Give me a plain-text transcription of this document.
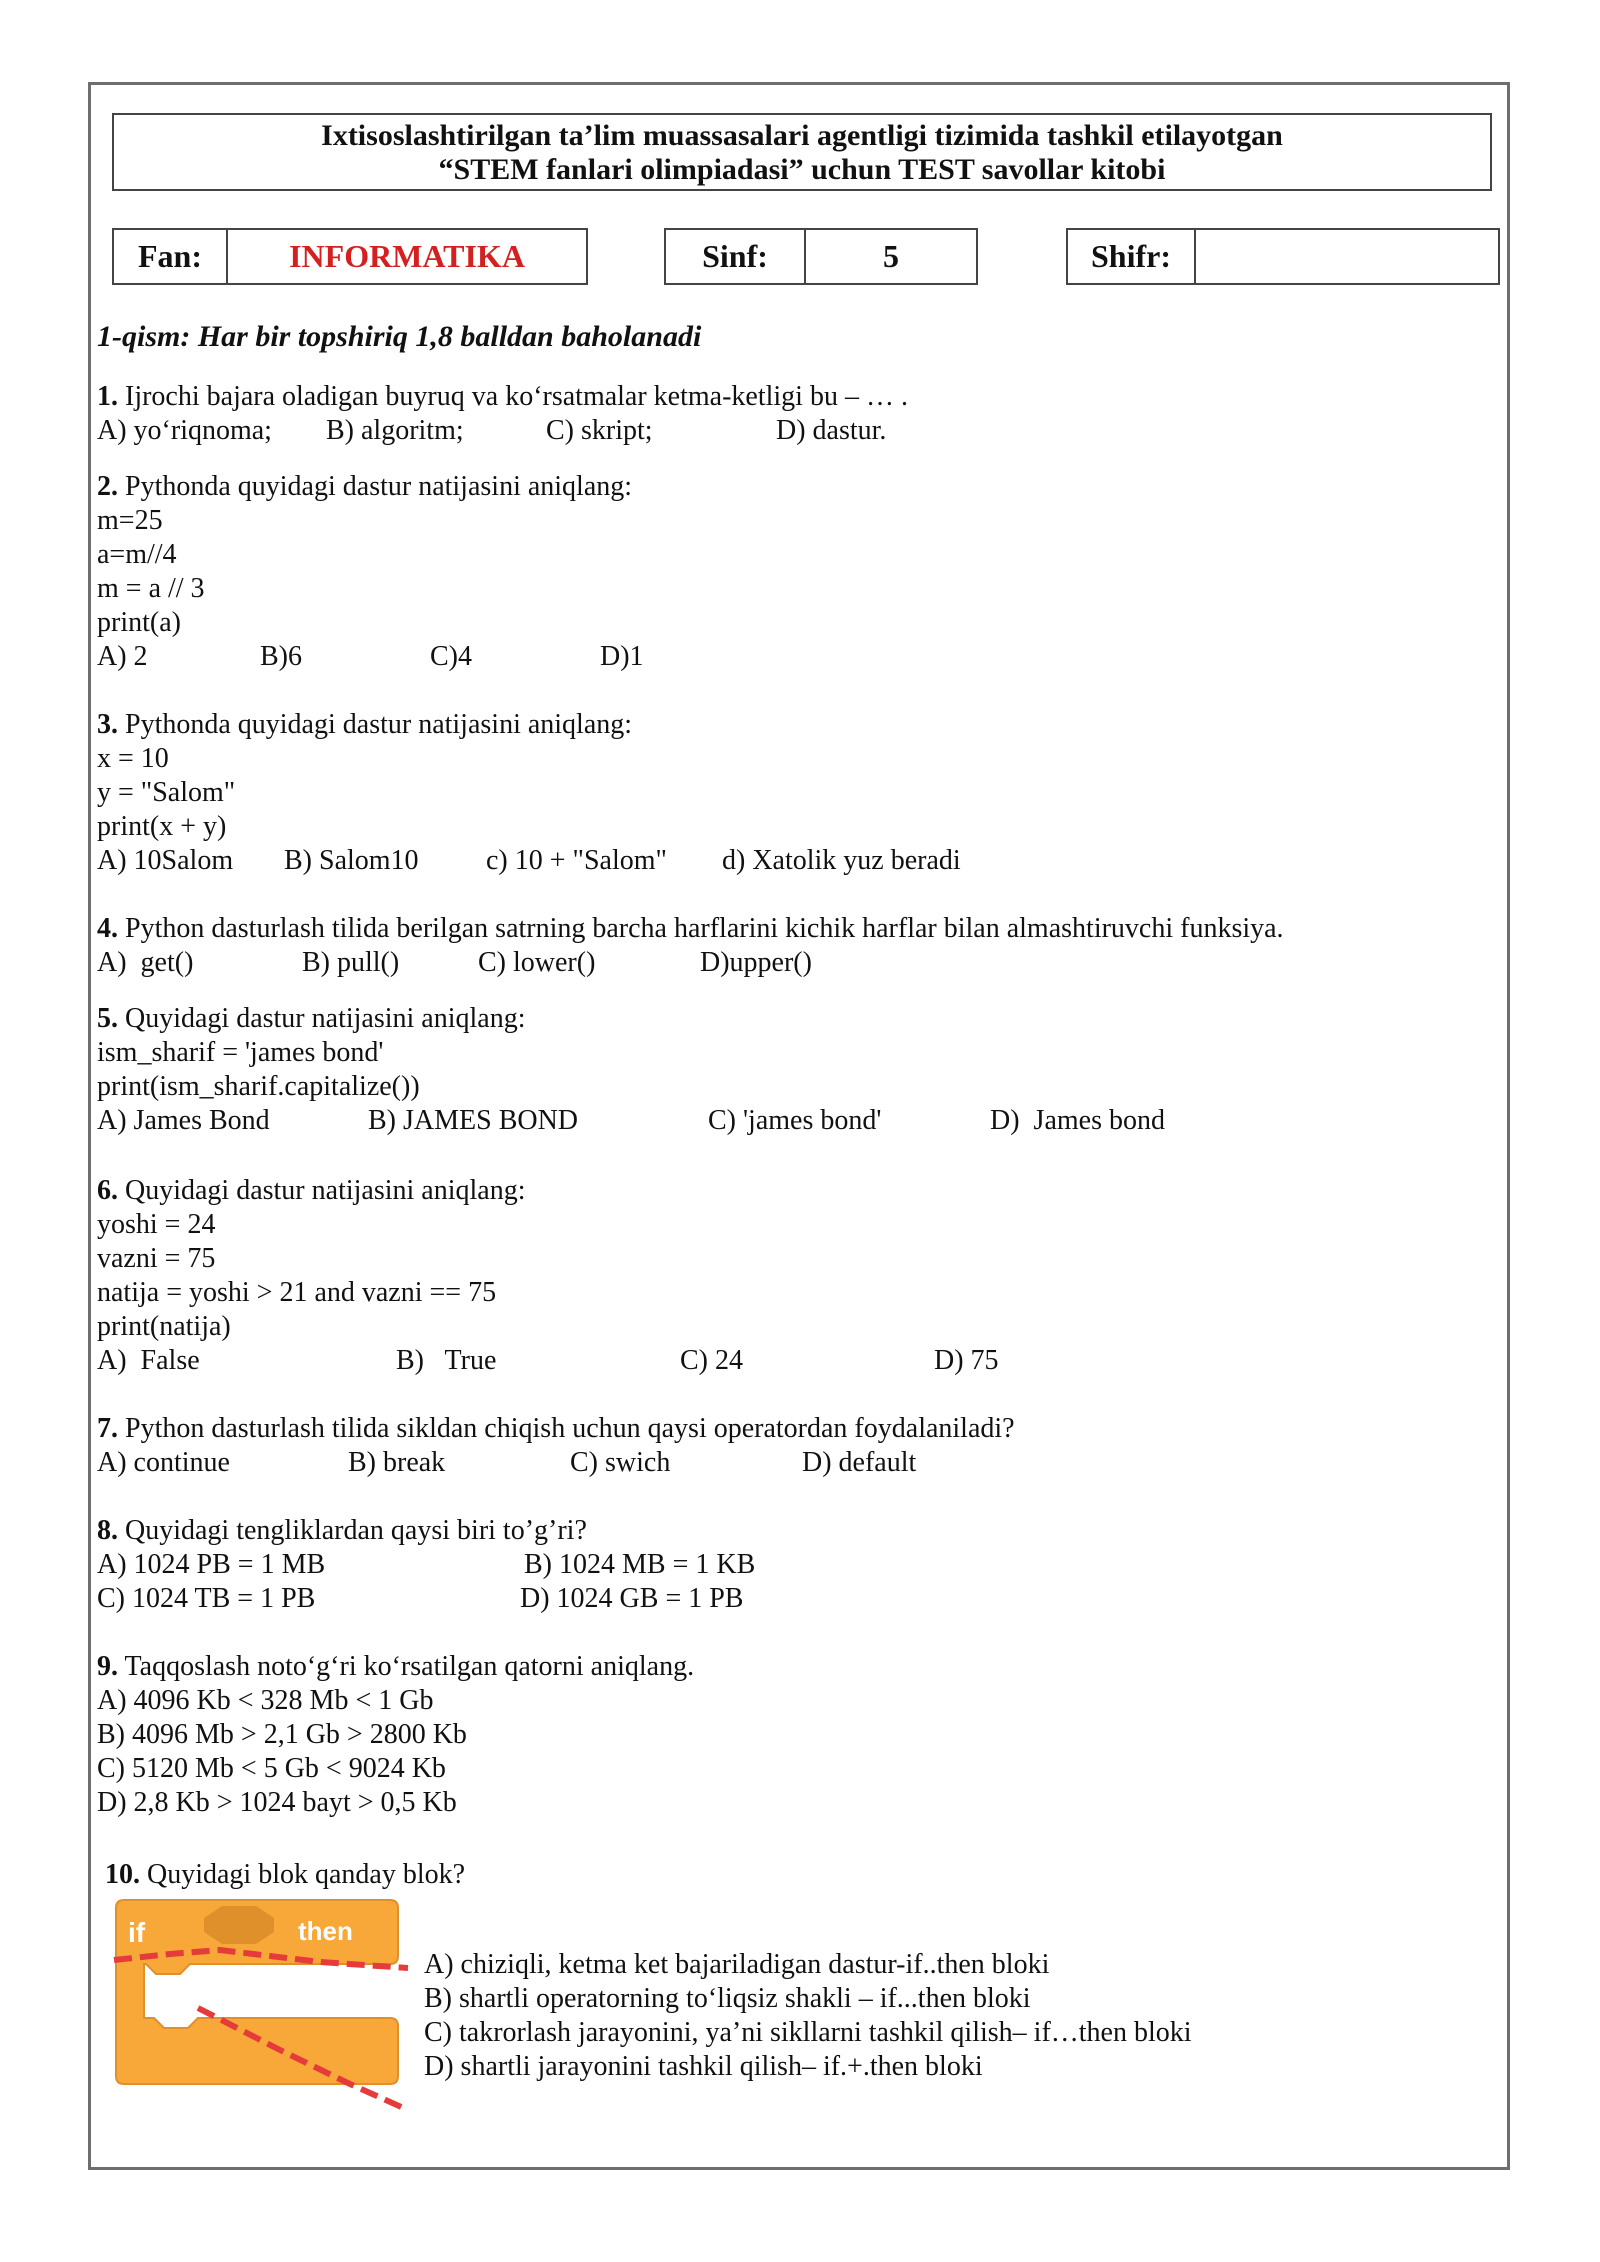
Ixtisoslashtirilgan ta’lim muassasalari agentligi tizimida tashkil etilayotgan
“STEM fanlari olimpiadasi” uchun TEST savollar kitobi
Fan:	INFORMATIKA	Sinf:	5	Shifr:
1-qism: Har bir topshiriq 1,8 balldan baholanadi
1. Ijrochi bajara oladigan buyruq va koʻrsatmalar ketma-ketligi bu – … .
A) yoʻriqnoma; B) algoritm;	C) skript;	D) dastur.
2. Pythonda quyidagi dastur natijasini aniqlang:
m=25
a=m//4
m = a // 3
print(a)
A) 2	B)6	C)4	D)1
3. Pythonda quyidagi dastur natijasini aniqlang:
x = 10
y = "Salom"
print(x + y)
A) 10Salom B) Salom10 c) 10 + "Salom" d) Xatolik yuz beradi
4. Python dasturlash tilida berilgan satrning barcha harflarini kichik harflar bilan almashtiruvchi funksiya.
A)  get()	B) pull()	C) lower()	D)upper()
5. Quyidagi dastur natijasini aniqlang:
ism_sharif = 'james bond'
print(ism_sharif.capitalize())
A) James Bond	B) JAMES BOND	C) 'james bond'	D)  James bond
6. Quyidagi dastur natijasini aniqlang:
yoshi = 24
vazni = 75
natija = yoshi > 21 and vazni == 75
print(natija)
A)  False	B)   True	C) 24	D) 75
7. Python dasturlash tilida sikldan chiqish uchun qaysi operatordan foydalaniladi?
A) continue	B) break	C) swich	D) default
8. Quyidagi tengliklardan qaysi biri to’g’ri?
A) 1024 PB = 1 MB	B) 1024 MB = 1 KB
C) 1024 TB = 1 PB	D) 1024 GB = 1 PB
9. Taqqoslash notoʻgʻri koʻrsatilgan qatorni aniqlang.
A) 4096 Kb < 328 Mb < 1 Gb
B) 4096 Mb > 2,1 Gb > 2800 Kb
C) 5120 Mb < 5 Gb < 9024 Kb
D) 2,8 Kb > 1024 bayt > 0,5 Kb
10. Quyidagi blok qanday blok?
if	then
A) chiziqli, ketma ket bajariladigan dastur-if..then bloki
B) shartli operatorning toʻliqsiz shakli – if...then bloki
C) takrorlash jarayonini, ya’ni sikllarni tashkil qilish– if…then bloki
D) shartli jarayonini tashkil qilish– if.+.then bloki
